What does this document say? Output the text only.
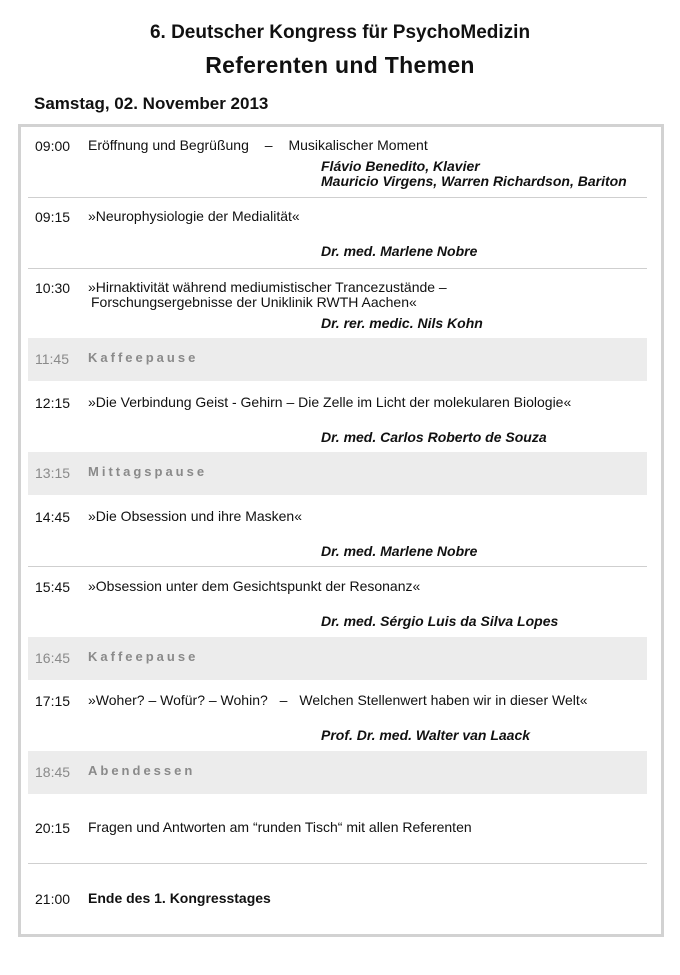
6. Deutscher Kongress für PsychoMedizin
Referenten und Themen
Samstag, 02. November 2013
09:00 Eröffnung und Begrüßung – Musikalischer Moment
Flávio Benedito, Klavier
Mauricio Virgens, Warren Richardson, Bariton
09:15 »Neurophysiologie der Medialität«
Dr. med. Marlene Nobre
10:30 »Hirnaktivität während mediumistischer Trancezustände –
Forschungsergebnisse der Uniklinik RWTH Aachen«
Dr. rer. medic. Nils Kohn
11:45 Kaffeepause
12:15 »Die Verbindung Geist - Gehirn – Die Zelle im Licht der molekularen Biologie«
Dr. med. Carlos Roberto de Souza
13:15 Mittagspause
14:45 »Die Obsession und ihre Masken«
Dr. med. Marlene Nobre
15:45 »Obsession unter dem Gesichtspunkt der Resonanz«
Dr. med. Sérgio Luis da Silva Lopes
16:45 Kaffeepause
17:15 »Woher? – Wofür? – Wohin? – Welchen Stellenwert haben wir in dieser Welt«
Prof. Dr. med. Walter van Laack
18:45 Abendessen
20:15 Fragen und Antworten am “runden Tisch“ mit allen Referenten
21:00 Ende des 1. Kongresstages
